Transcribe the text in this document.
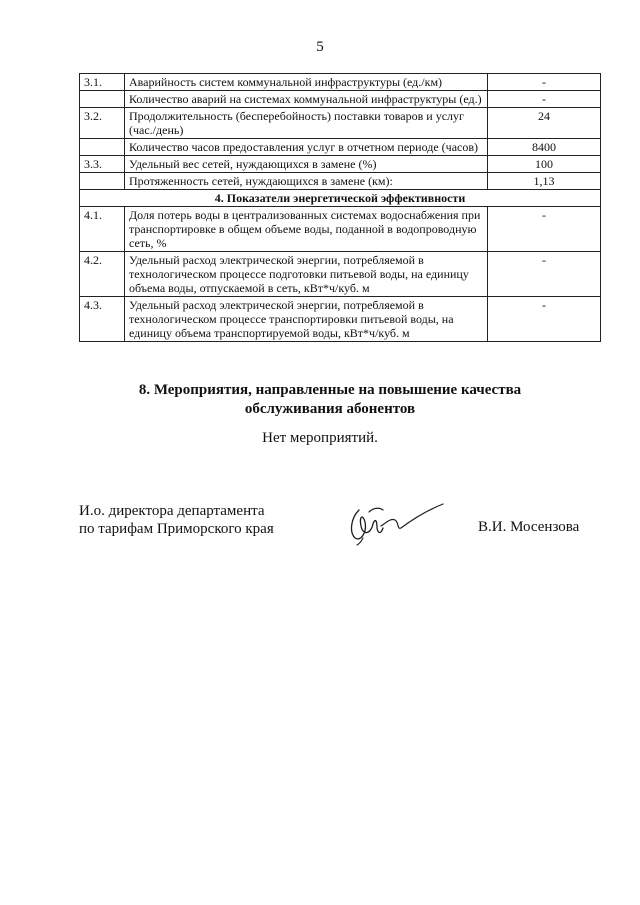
5
3.1.	Аварийность систем коммунальной инфраструктуры (ед./км)	-
	Количество аварий на системах коммунальной инфраструктуры (ед.)	-
3.2.	Продолжительность (бесперебойность) поставки товаров и услуг (час./день)	24
	Количество часов предоставления услуг в отчетном периоде (часов)	8400
3.3.	Удельный вес сетей, нуждающихся в замене (%)	100
	Протяженность сетей, нуждающихся в замене (км):	1,13
4. Показатели энергетической эффективности		
4.1.	Доля потерь воды в централизованных системах водоснабжения при транспортировке в общем объеме воды, поданной в водопроводную сеть, %	-
4.2.	Удельный расход электрической энергии, потребляемой в технологическом процессе подготовки питьевой воды, на единицу объема воды, отпускаемой в сеть, кВт*ч/куб. м	-
4.3.	Удельный расход электрической энергии, потребляемой в технологическом процессе транспортировки питьевой воды, на единицу объема транспортируемой воды, кВт*ч/куб. м	-
8. Мероприятия, направленные на повышение качества
обслуживания абонентов
Нет мероприятий.
И.о. директора департамента
по тарифам Приморского края	В.И. Мосензова
